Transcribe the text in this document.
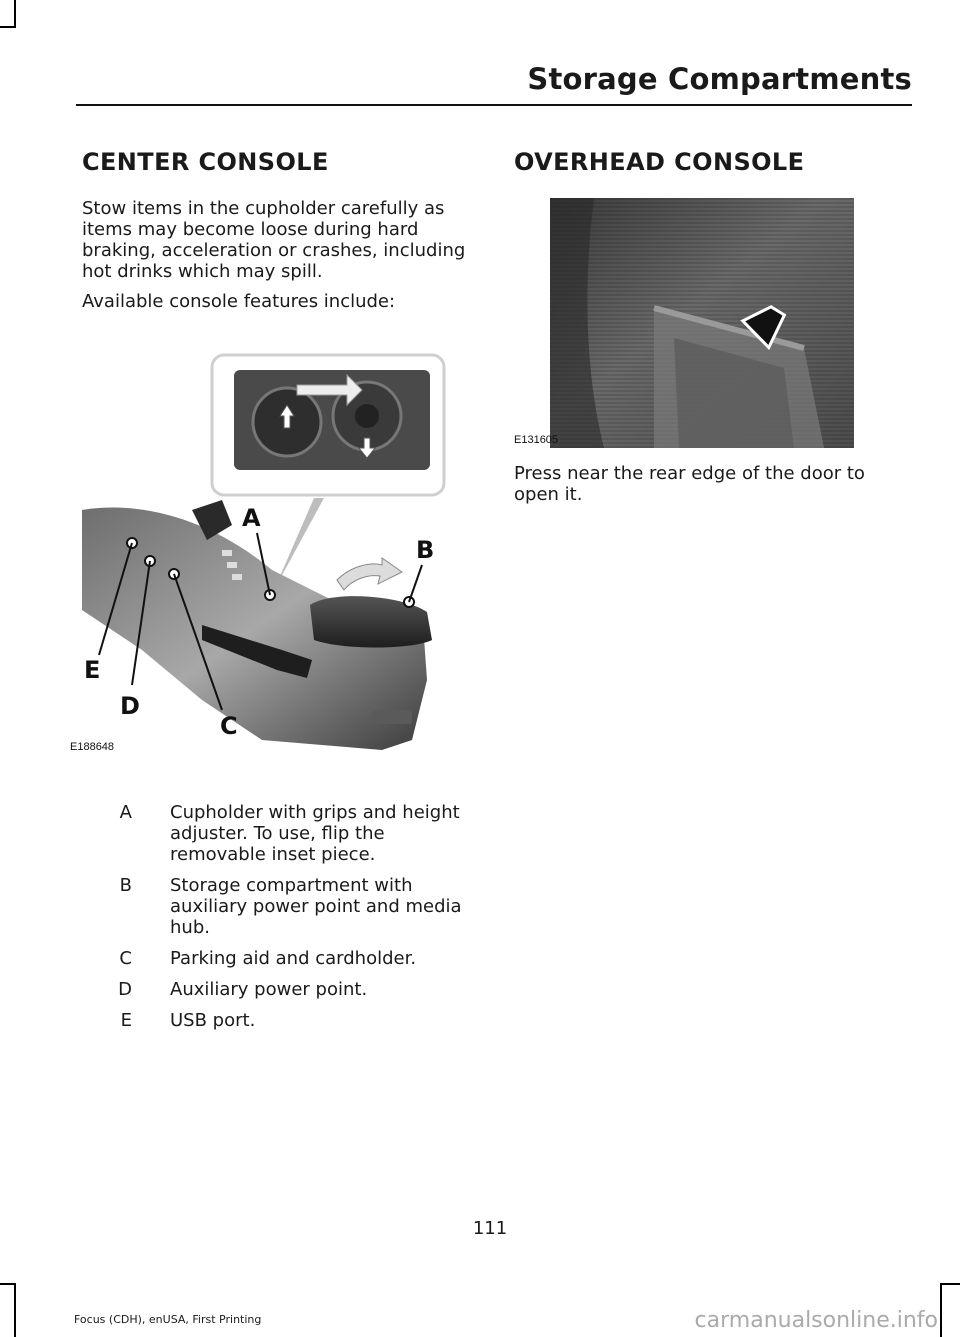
Storage Compartments
CENTER CONSOLE
Stow items in the cupholder carefully as items may become loose during hard braking, acceleration or crashes, including hot drinks which may spill.
Available console features include:
A
B
C
D
E
E188648
A	Cupholder with grips and height adjuster. To use, flip the removable inset piece.
B	Storage compartment with auxiliary power point and media hub.
C	Parking aid and cardholder.
D	Auxiliary power point.
E	USB port.
OVERHEAD CONSOLE
E131605
Press near the rear edge of the door to open it.
111
Focus (CDH), enUSA, First Printing	carmanualsonline.info
